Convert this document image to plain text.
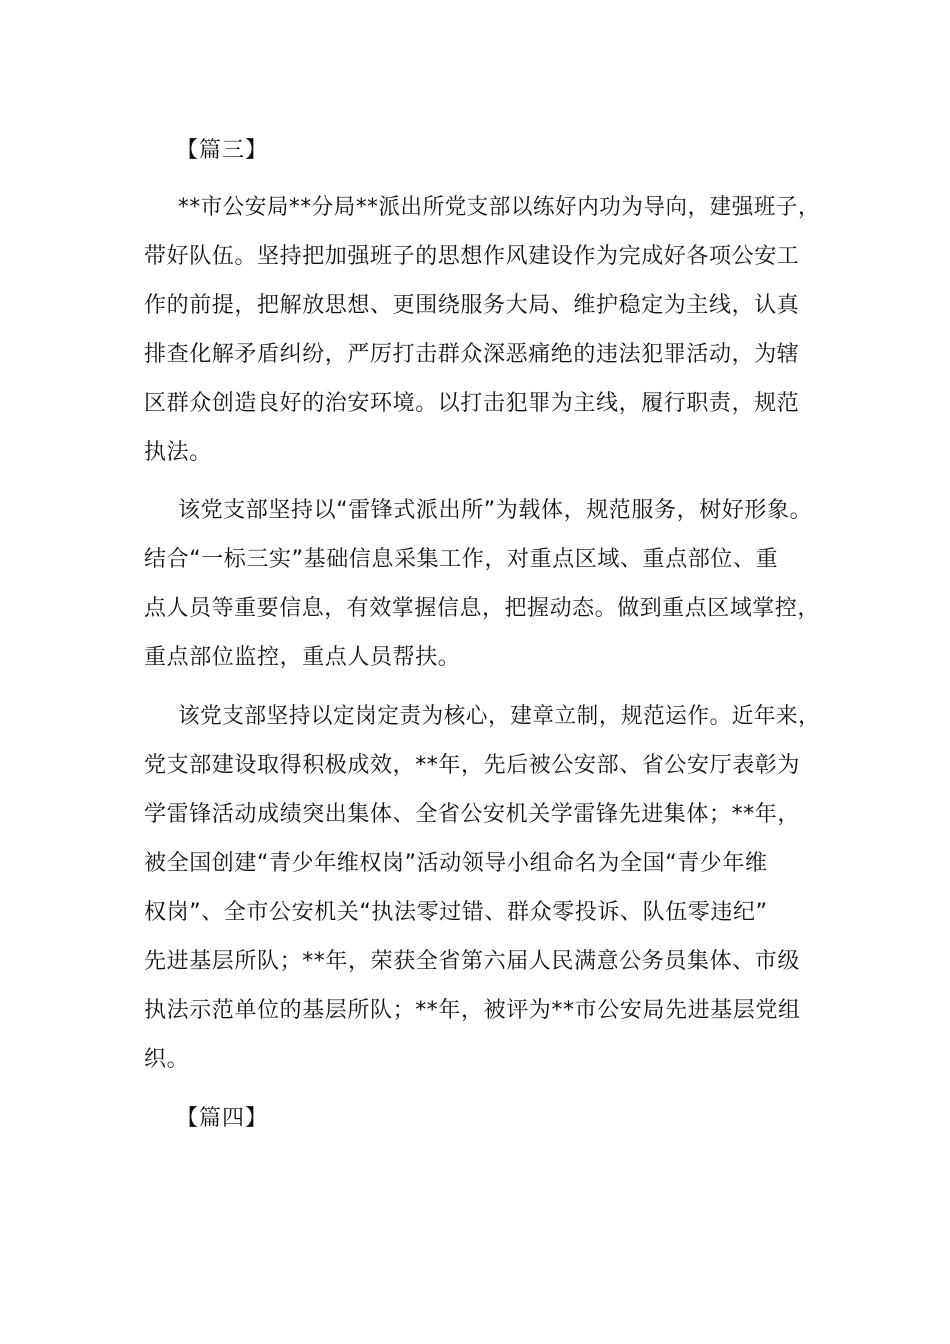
【篇三】
**市公安局**分局**派出所党支部以练好内功为导向，建强班子，
带好队伍。坚持把加强班子的思想作风建设作为完成好各项公安工
作的前提，把解放思想、更围绕服务大局、维护稳定为主线，认真
排查化解矛盾纠纷，严厉打击群众深恶痛绝的违法犯罪活动，为辖
区群众创造良好的治安环境。以打击犯罪为主线，履行职责，规范
执法。
该党支部坚持以“雷锋式派出所”为载体，规范服务，树好形象。
结合“一标三实”基础信息采集工作，对重点区域、重点部位、重
点人员等重要信息，有效掌握信息，把握动态。做到重点区域掌控，
重点部位监控，重点人员帮扶。
该党支部坚持以定岗定责为核心，建章立制，规范运作。近年来，
党支部建设取得积极成效，**年，先后被公安部、省公安厅表彰为
学雷锋活动成绩突出集体、全省公安机关学雷锋先进集体；**年，
被全国创建“青少年维权岗”活动领导小组命名为全国“青少年维
权岗”、全市公安机关“执法零过错、群众零投诉、队伍零违纪”
先进基层所队；**年，荣获全省第六届人民满意公务员集体、市级
执法示范单位的基层所队；**年，被评为**市公安局先进基层党组
织。
【篇四】
